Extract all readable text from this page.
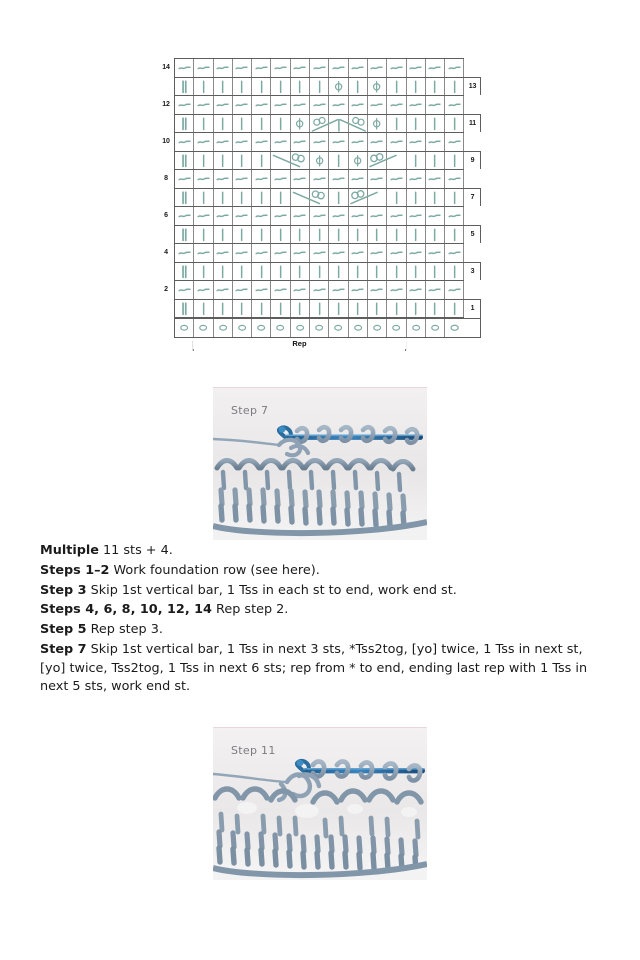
14
13
12
11
10
9
8
7
6
5
4
3
2
1
Rep
Step 7

Multiple 11 sts + 4.

Steps 1–2 Work foundation row (see here).

Step 3 Skip 1st vertical bar, 1 Tss in each st to end, work end st.

Steps 4, 6, 8, 10, 12, 14 Rep step 2.

Step 5 Rep step 3.

Step 7 Skip 1st vertical bar, 1 Tss in next 3 sts, *Tss2tog, [yo] twice, 1 Tss in next st, [yo] twice, Tss2tog, 1 Tss in next 6 sts; rep from * to end, ending last rep with 1 Tss in next 5 sts, work end st.

Step 11
